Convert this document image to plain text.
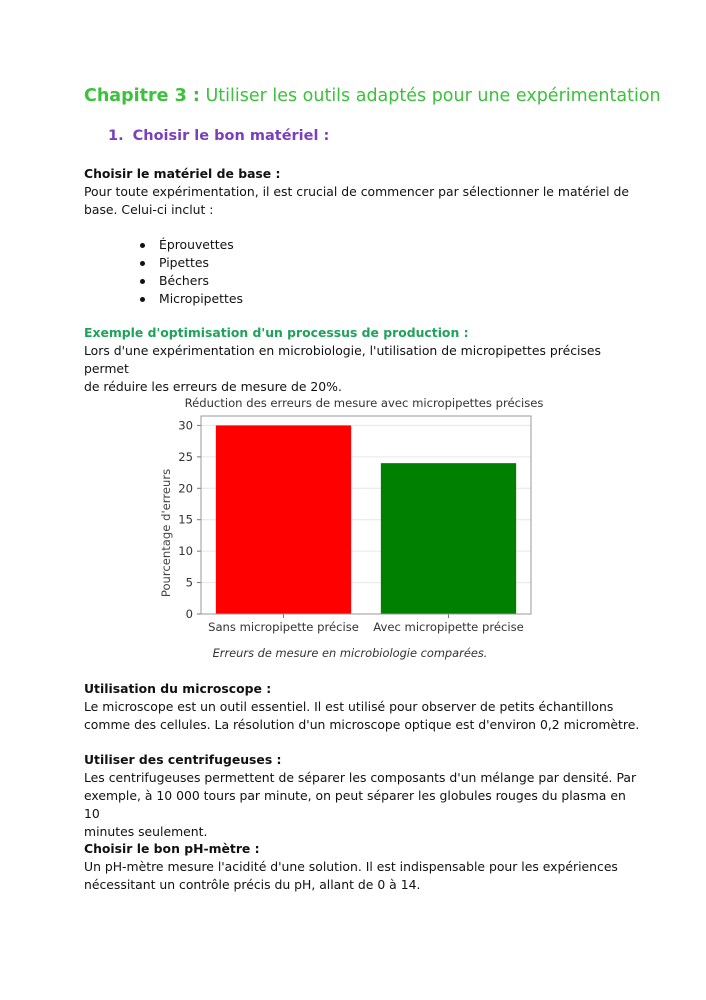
Chapitre 3 : Utiliser les outils adaptés pour une expérimentation
1. Choisir le bon matériel :
Choisir le matériel de base :

Pour toute expérimentation, il est crucial de commencer par sélectionner le matériel de

base. Celui-ci inclut :

Éprouvettes
Pipettes
Béchers
Micropipettes
Exemple d'optimisation d'un processus de production :

Lors d'une expérimentation en microbiologie, l'utilisation de micropipettes précises permet

de réduire les erreurs de mesure de 20%.

Réduction des erreurs de mesure avec micropipettes précises
Pourcentage d'erreurs
0
5
10
15
20
25
30
Sans micropipette précise Avec micropipette précise
Erreurs de mesure en microbiologie comparées.
Utilisation du microscope :

Le microscope est un outil essentiel. Il est utilisé pour observer de petits échantillons

comme des cellules. La résolution d'un microscope optique est d'environ 0,2 micromètre.

Utiliser des centrifugeuses :

Les centrifugeuses permettent de séparer les composants d'un mélange par densité. Par

exemple, à 10 000 tours par minute, on peut séparer les globules rouges du plasma en 10

minutes seulement.

Choisir le bon pH-mètre :

Un pH-mètre mesure l'acidité d'une solution. Il est indispensable pour les expériences

nécessitant un contrôle précis du pH, allant de 0 à 14.
